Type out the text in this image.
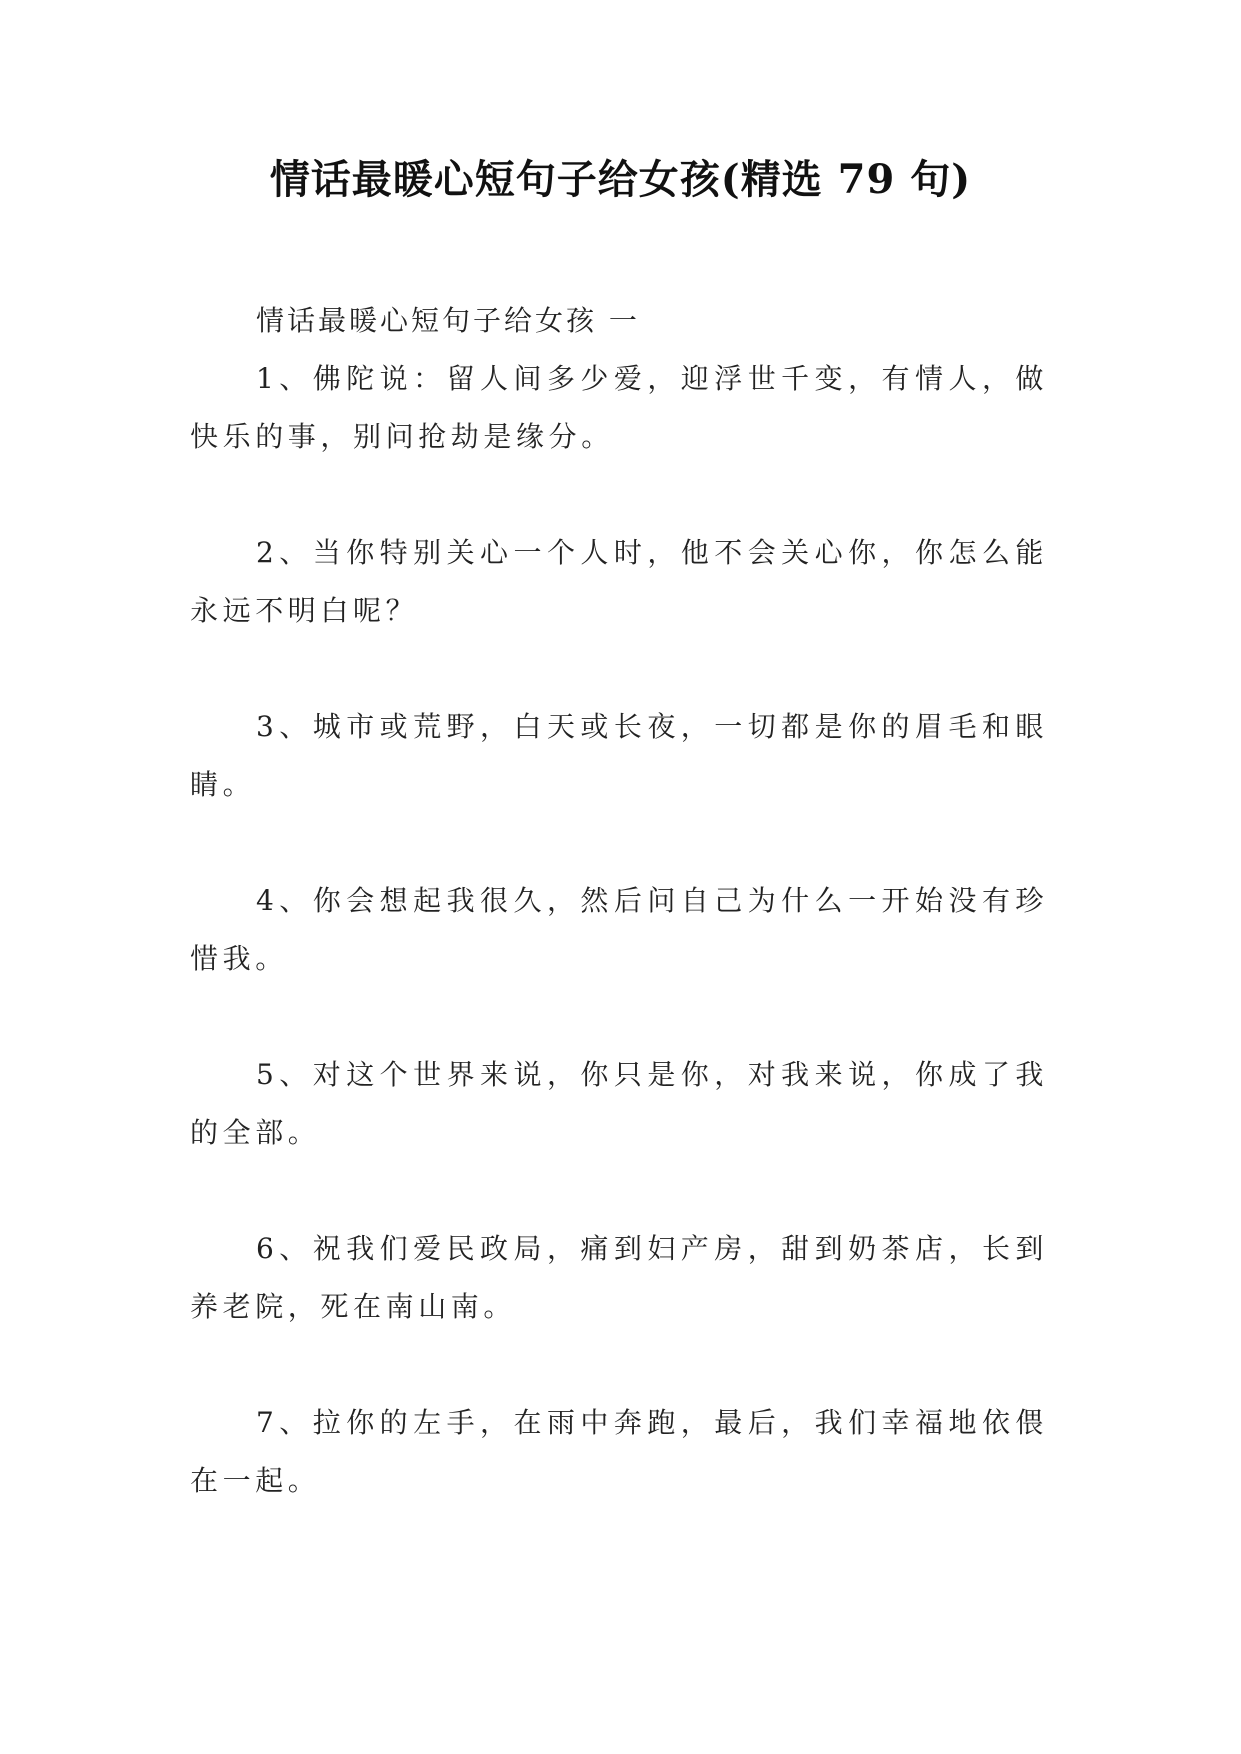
情话最暖心短句子给女孩(精选 79 句)
情话最暖心短句子给女孩 一

1、佛陀说：留人间多少爱，迎浮世千变，有情人，做快乐的事，别问抢劫是缘分。

2、当你特别关心一个人时，他不会关心你，你怎么能永远不明白呢？

3、城市或荒野，白天或长夜，一切都是你的眉毛和眼睛。

4、你会想起我很久，然后问自己为什么一开始没有珍惜我。

5、对这个世界来说，你只是你，对我来说，你成了我的全部。

6、祝我们爱民政局，痛到妇产房，甜到奶茶店，长到养老院，死在南山南。

7、拉你的左手，在雨中奔跑，最后，我们幸福地依偎在一起。
